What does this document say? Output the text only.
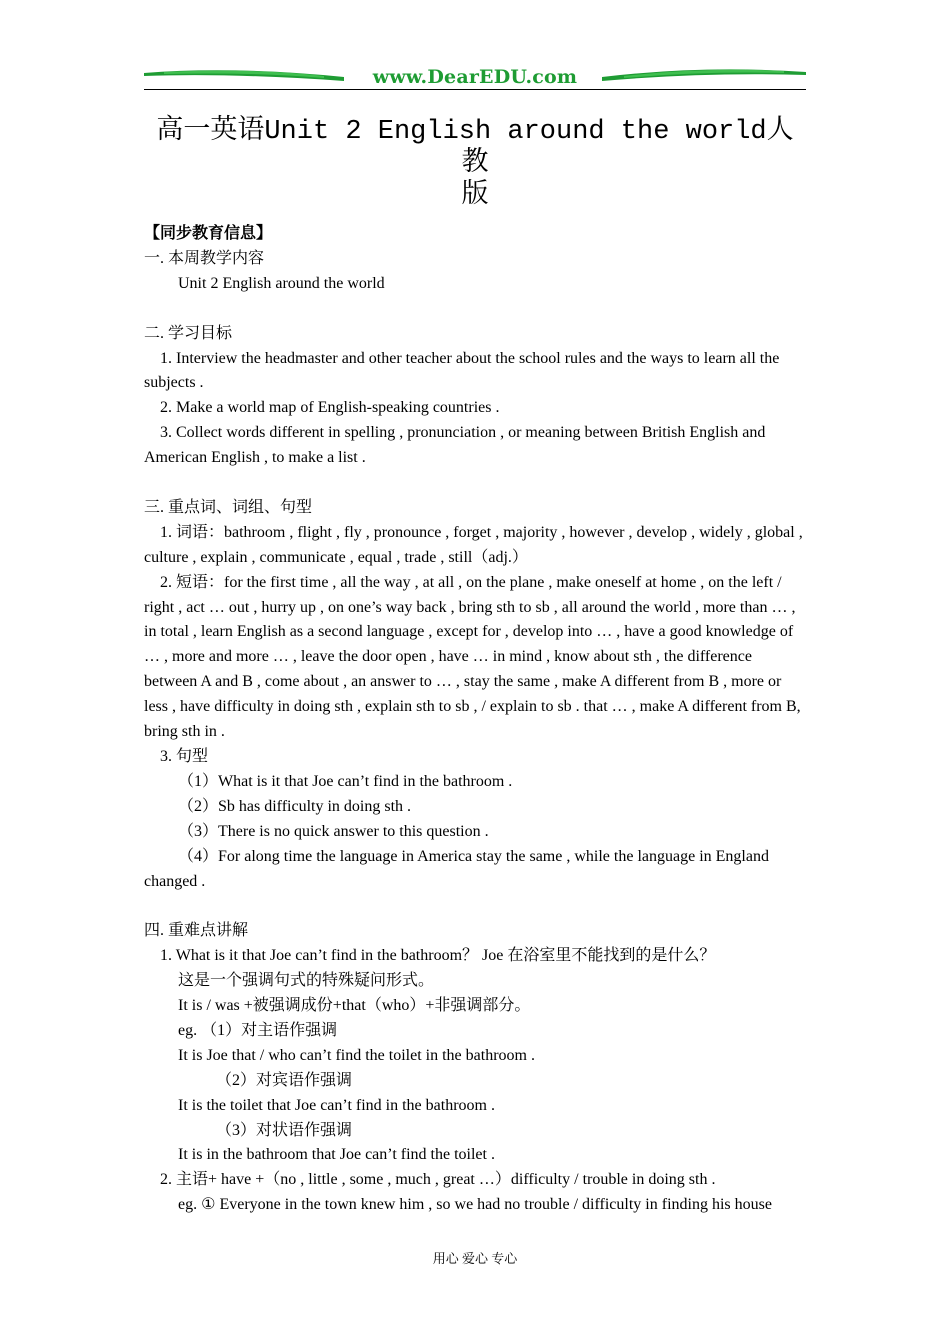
www.DearEDU.com
高一英语Unit 2 English around the world人教
版

【同步教育信息】

一. 本周教学内容

Unit 2 English around the world

二. 学习目标

1. Interview the headmaster and other teacher about the school rules and the ways to learn all the subjects .

2. Make a world map of English-speaking countries .

3. Collect words different in spelling , pronunciation , or meaning between British English and American English , to make a list .

三. 重点词、词组、句型

1. 词语：bathroom , flight , fly , pronounce , forget , majority , however , develop , widely , global , culture , explain , communicate , equal , trade , still（adj.）

2. 短语：for the first time , all the way , at all , on the plane , make oneself at home , on the left / right , act … out , hurry up , on one’s way back , bring sth to sb , all around the world , more than … , in total , learn English as a second language , except for , develop into … , have a good knowledge of … , more and more … , leave the door open , have … in mind , know about sth , the difference between A and B , come about , an answer to … , stay the same , make A different from B , more or less , have difficulty in doing sth , explain sth to sb , / explain to sb . that … , make A different from B, bring sth in .

3. 句型

（1）What is it that Joe can’t find in the bathroom .

（2）Sb has difficulty in doing sth .

（3）There is no quick answer to this question .

（4）For along time the language in America stay the same , while the language in England changed .

四. 重难点讲解

1. What is it that Joe can’t find in the bathroom？ Joe 在浴室里不能找到的是什么？

这是一个强调句式的特殊疑问形式。

It is / was +被强调成份+that（who）+非强调部分。

eg. （1）对主语作强调

It is Joe that / who can’t find the toilet in the bathroom .

（2）对宾语作强调

It is the toilet that Joe can’t find in the bathroom .

（3）对状语作强调

It is in the bathroom that Joe can’t find the toilet .

2. 主语+ have +（no , little , some , much , great …）difficulty / trouble in doing sth .

eg. ① Everyone in the town knew him , so we had no trouble / difficulty in finding his house

用心 爱心 专心
